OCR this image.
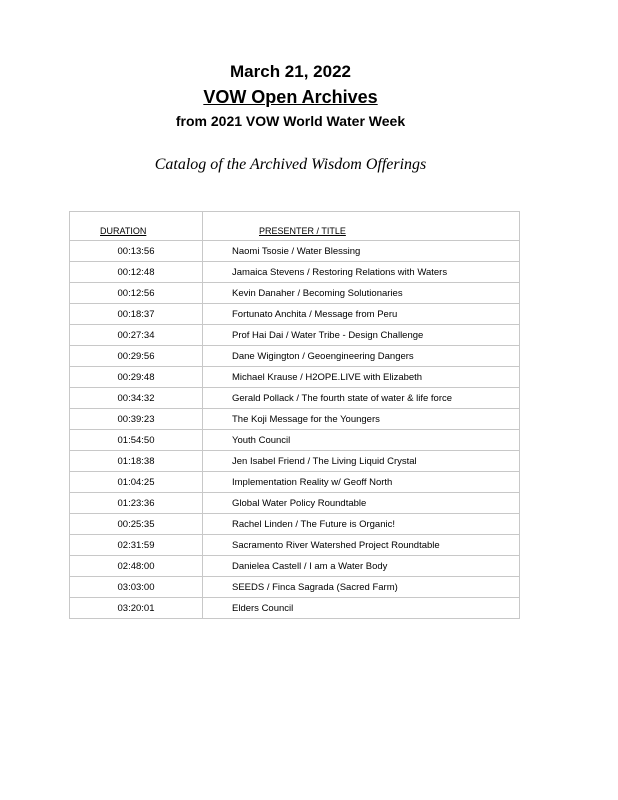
March 21, 2022
VOW Open Archives
from 2021 VOW World Water Week
Catalog of the Archived Wisdom Offerings
DURATION	PRESENTER / TITLE
00:13:56	Naomi Tsosie / Water Blessing
00:12:48	Jamaica Stevens / Restoring Relations with Waters
00:12:56	Kevin Danaher / Becoming Solutionaries
00:18:37	Fortunato Anchita / Message from Peru
00:27:34	Prof Hai Dai / Water Tribe - Design Challenge
00:29:56	Dane Wigington / Geoengineering Dangers
00:29:48	Michael Krause / H2OPE.LIVE with Elizabeth
00:34:32	Gerald Pollack / The fourth state of water & life force
00:39:23	The Koji Message for the Youngers
01:54:50	Youth Council
01:18:38	Jen Isabel Friend / The Living Liquid Crystal
01:04:25	Implementation Reality w/ Geoff North
01:23:36	Global Water Policy Roundtable
00:25:35	Rachel Linden / The Future is Organic!
02:31:59	Sacramento River Watershed Project Roundtable
02:48:00	Danielea Castell / I am a Water Body
03:03:00	SEEDS / Finca Sagrada (Sacred Farm)
03:20:01	Elders Council
